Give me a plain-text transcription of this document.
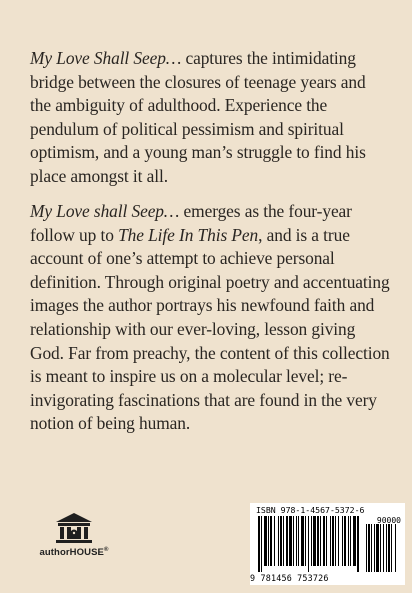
My Love Shall Seep… captures the intimidating bridge between the closures of teenage years and the ambiguity of adulthood. Experience the pendulum of political pessimism and spiritual optimism, and a young man’s struggle to find his place amongst it all.
My Love shall Seep… emerges as the four-year follow up to The Life In This Pen, and is a true account of one’s attempt to achieve personal definition. Through original poetry and accentuating images the author portrays his newfound faith and relationship with our ever-loving, lesson giving God. Far from preachy, the content of this collection is meant to inspire us on a molecular level; re-invigorating fascinations that are found in the very notion of being human.
authorHOUSE®
ISBN 978-1-4567-5372-6
90000
9 781456 753726
